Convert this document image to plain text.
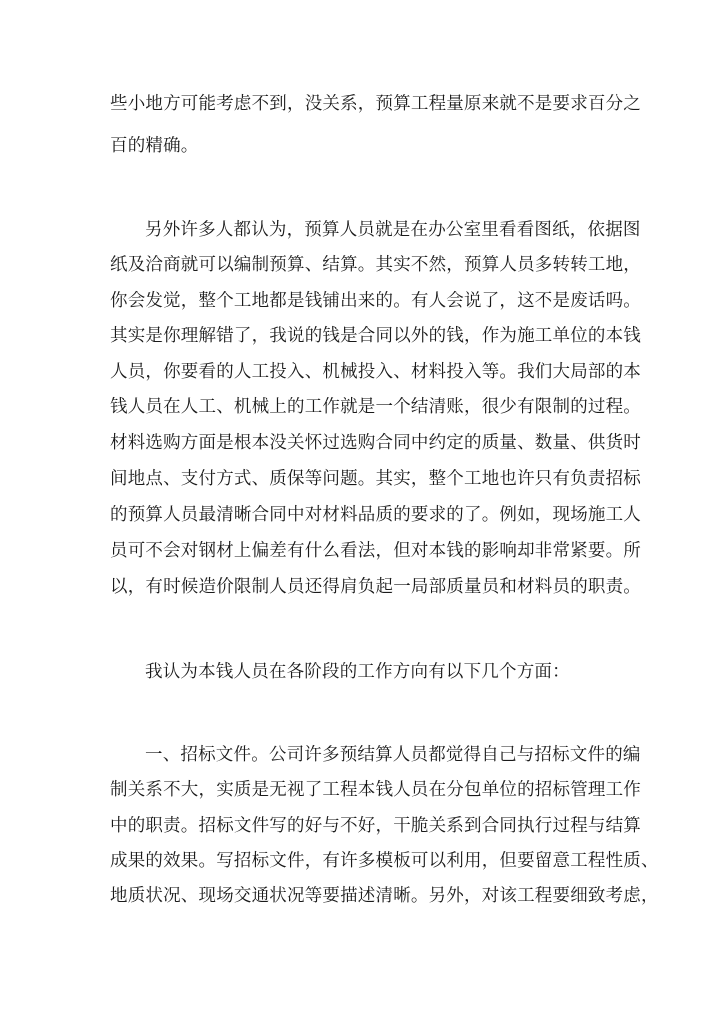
些小地方可能考虑不到，没关系，预算工程量原来就不是要求百分之
百的精确。
另外许多人都认为，预算人员就是在办公室里看看图纸，依据图
纸及洽商就可以编制预算、结算。其实不然，预算人员多转转工地，
你会发觉，整个工地都是钱铺出来的。有人会说了，这不是废话吗。
其实是你理解错了，我说的钱是合同以外的钱，作为施工单位的本钱
人员，你要看的人工投入、机械投入、材料投入等。我们大局部的本
钱人员在人工、机械上的工作就是一个结清账，很少有限制的过程。
材料选购方面是根本没关怀过选购合同中约定的质量、数量、供货时
间地点、支付方式、质保等问题。其实，整个工地也许只有负责招标
的预算人员最清晰合同中对材料品质的要求的了。例如，现场施工人
员可不会对钢材上偏差有什么看法，但对本钱的影响却非常紧要。所
以，有时候造价限制人员还得肩负起一局部质量员和材料员的职责。
我认为本钱人员在各阶段的工作方向有以下几个方面：
一、招标文件。公司许多预结算人员都觉得自己与招标文件的编
制关系不大，实质是无视了工程本钱人员在分包单位的招标管理工作
中的职责。招标文件写的好与不好，干脆关系到合同执行过程与结算
成果的效果。写招标文件，有许多模板可以利用，但要留意工程性质、
地质状况、现场交通状况等要描述清晰。另外，对该工程要细致考虑，
